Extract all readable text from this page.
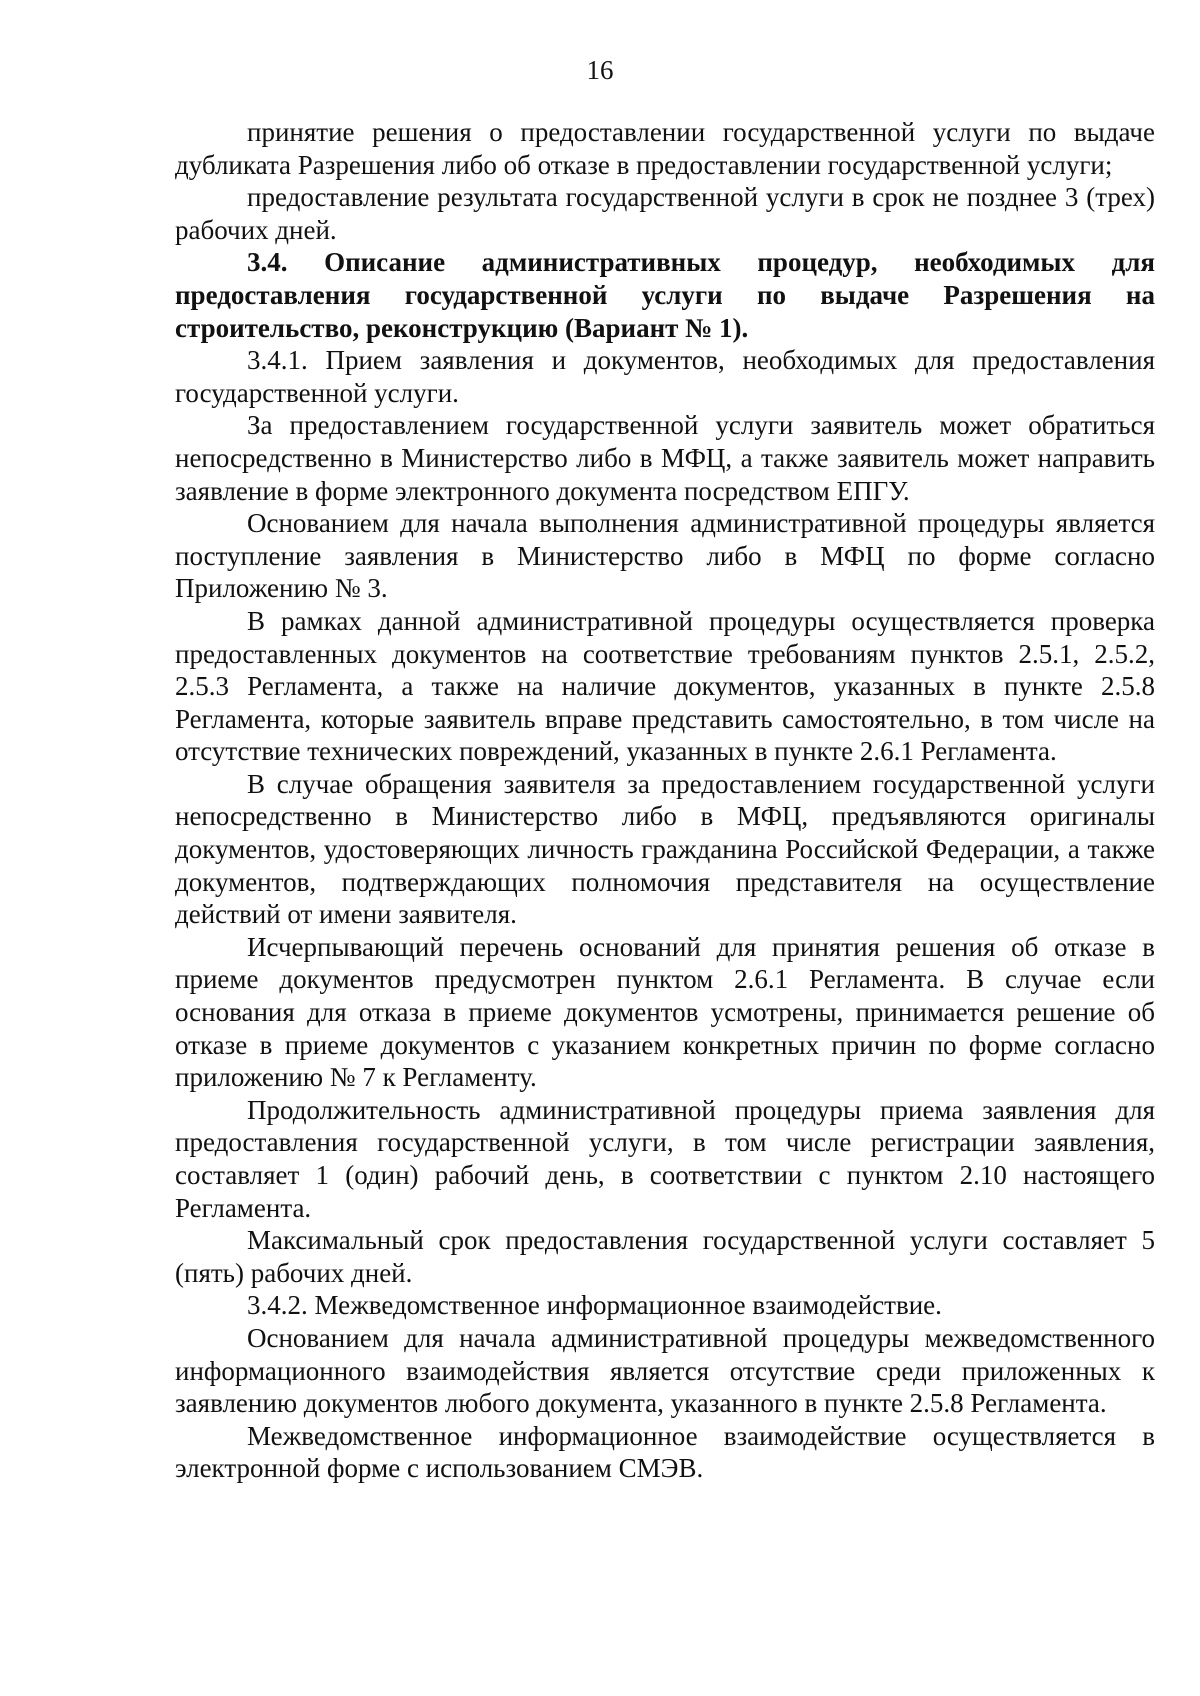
16

принятие решения о предоставлении государственной услуги по выдаче дубликата Разрешения либо об отказе в предоставлении государственной услуги;

предоставление результата государственной услуги в срок не позднее 3 (трех) рабочих дней.

3.4. Описание административных процедур, необходимых для предоставления государственной услуги по выдаче Разрешения на строительство, реконструкцию (Вариант № 1).

3.4.1. Прием заявления и документов, необходимых для предоставления государственной услуги.

За предоставлением государственной услуги заявитель может обратиться непосредственно в Министерство либо в МФЦ, а также заявитель может направить заявление в форме электронного документа посредством ЕПГУ.

Основанием для начала выполнения административной процедуры является поступление заявления в Министерство либо в МФЦ по форме согласно Приложению № 3.

В рамках данной административной процедуры осуществляется проверка предоставленных документов на соответствие требованиям пунктов 2.5.1, 2.5.2, 2.5.3 Регламента, а также на наличие документов, указанных в пункте 2.5.8 Регламента, которые заявитель вправе представить самостоятельно, в том числе на отсутствие технических повреждений, указанных в пункте 2.6.1 Регламента.

В случае обращения заявителя за предоставлением государственной услуги непосредственно в Министерство либо в МФЦ, предъявляются оригиналы документов, удостоверяющих личность гражданина Российской Федерации, а также документов, подтверждающих полномочия представителя на осуществление действий от имени заявителя.

Исчерпывающий перечень оснований для принятия решения об отказе в приеме документов предусмотрен пунктом 2.6.1 Регламента. В случае если основания для отказа в приеме документов усмотрены, принимается решение об отказе в приеме документов с указанием конкретных причин по форме согласно приложению № 7 к Регламенту.

Продолжительность административной процедуры приема заявления для предоставления государственной услуги, в том числе регистрации заявления, составляет 1 (один) рабочий день, в соответствии с пунктом 2.10 настоящего Регламента.

Максимальный срок предоставления государственной услуги составляет 5 (пять) рабочих дней.

3.4.2. Межведомственное информационное взаимодействие.

Основанием для начала административной процедуры межведомственного информационного взаимодействия является отсутствие среди приложенных к заявлению документов любого документа, указанного в пункте 2.5.8 Регламента.

Межведомственное информационное взаимодействие осуществляется в электронной форме с использованием СМЭВ.
